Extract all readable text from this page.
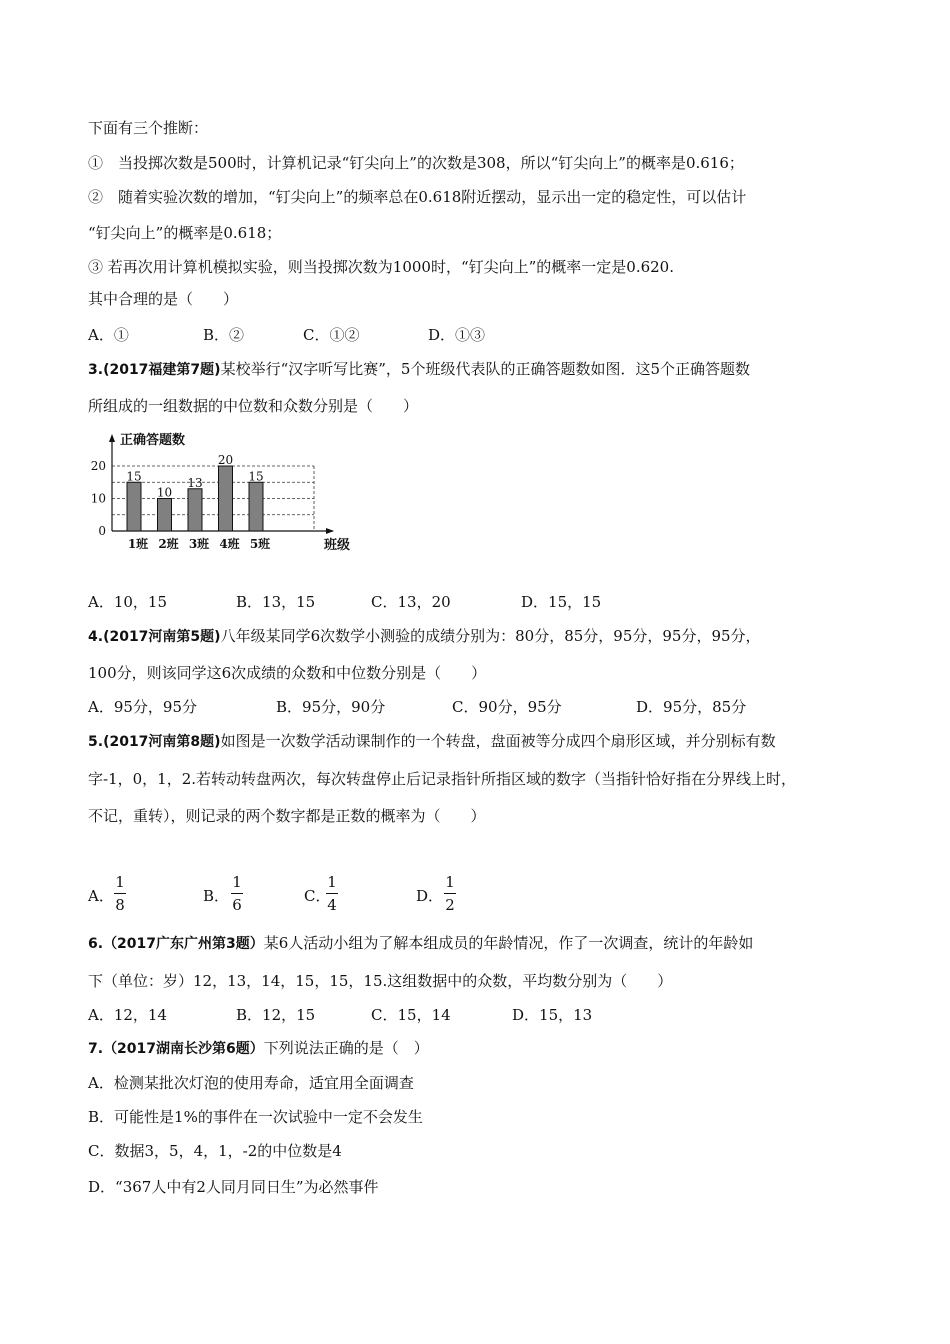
下面有三个推断：
①　当投掷次数是500时，计算机记录“钉尖向上”的次数是308，所以“钉尖向上”的概率是0.616；
②　随着实验次数的增加，“钉尖向上”的频率总在0.618附近摆动，显示出一定的稳定性，可以估计
“钉尖向上”的概率是0.618；
③ 若再次用计算机模拟实验，则当投掷次数为1000时，“钉尖向上”的概率一定是0.620.
其中合理的是（　　）
A．①	B．②	C．①②	D．①③
3.(2017福建第7题)某校举行“汉字听写比赛”，5个班级代表队的正确答题数如图．这5个正确答题数
所组成的一组数据的中位数和众数分别是（　　）
正确答题数
0
10
20
15
1班
10
2班
13
3班
20
4班
15
5班	班级
A．10，15	B．13，15	C．13，20	D．15，15
4.(2017河南第5题)八年级某同学6次数学小测验的成绩分别为：80分，85分，95分，95分，95分，
100分，则该同学这6次成绩的众数和中位数分别是（　　）
A．95分，95分	B．95分，90分	C．90分，95分	D．95分，85分
5.(2017河南第8题)如图是一次数学活动课制作的一个转盘，盘面被等分成四个扇形区域，并分别标有数
字-1，0，1，2.若转动转盘两次，每次转盘停止后记录指针所指区域的数字（当指针恰好指在分界线上时，
不记，重转），则记录的两个数字都是正数的概率为（　　）
A．
1
8	B．
1
6	C．
1
4	D．
1
2
6.（2017广东广州第3题）某6人活动小组为了解本组成员的年龄情况，作了一次调查，统计的年龄如
下（单位：岁）12，13，14，15，15，15.这组数据中的众数，平均数分别为（　　）
A．12，14	B．12，15	C．15，14	D．15，13
7.（2017湖南长沙第6题）下列说法正确的是（　）
A．检测某批次灯泡的使用寿命，适宜用全面调查
B．可能性是1%的事件在一次试验中一定不会发生
C．数据3，5，4，1，-2的中位数是4
D．“367人中有2人同月同日生”为必然事件
